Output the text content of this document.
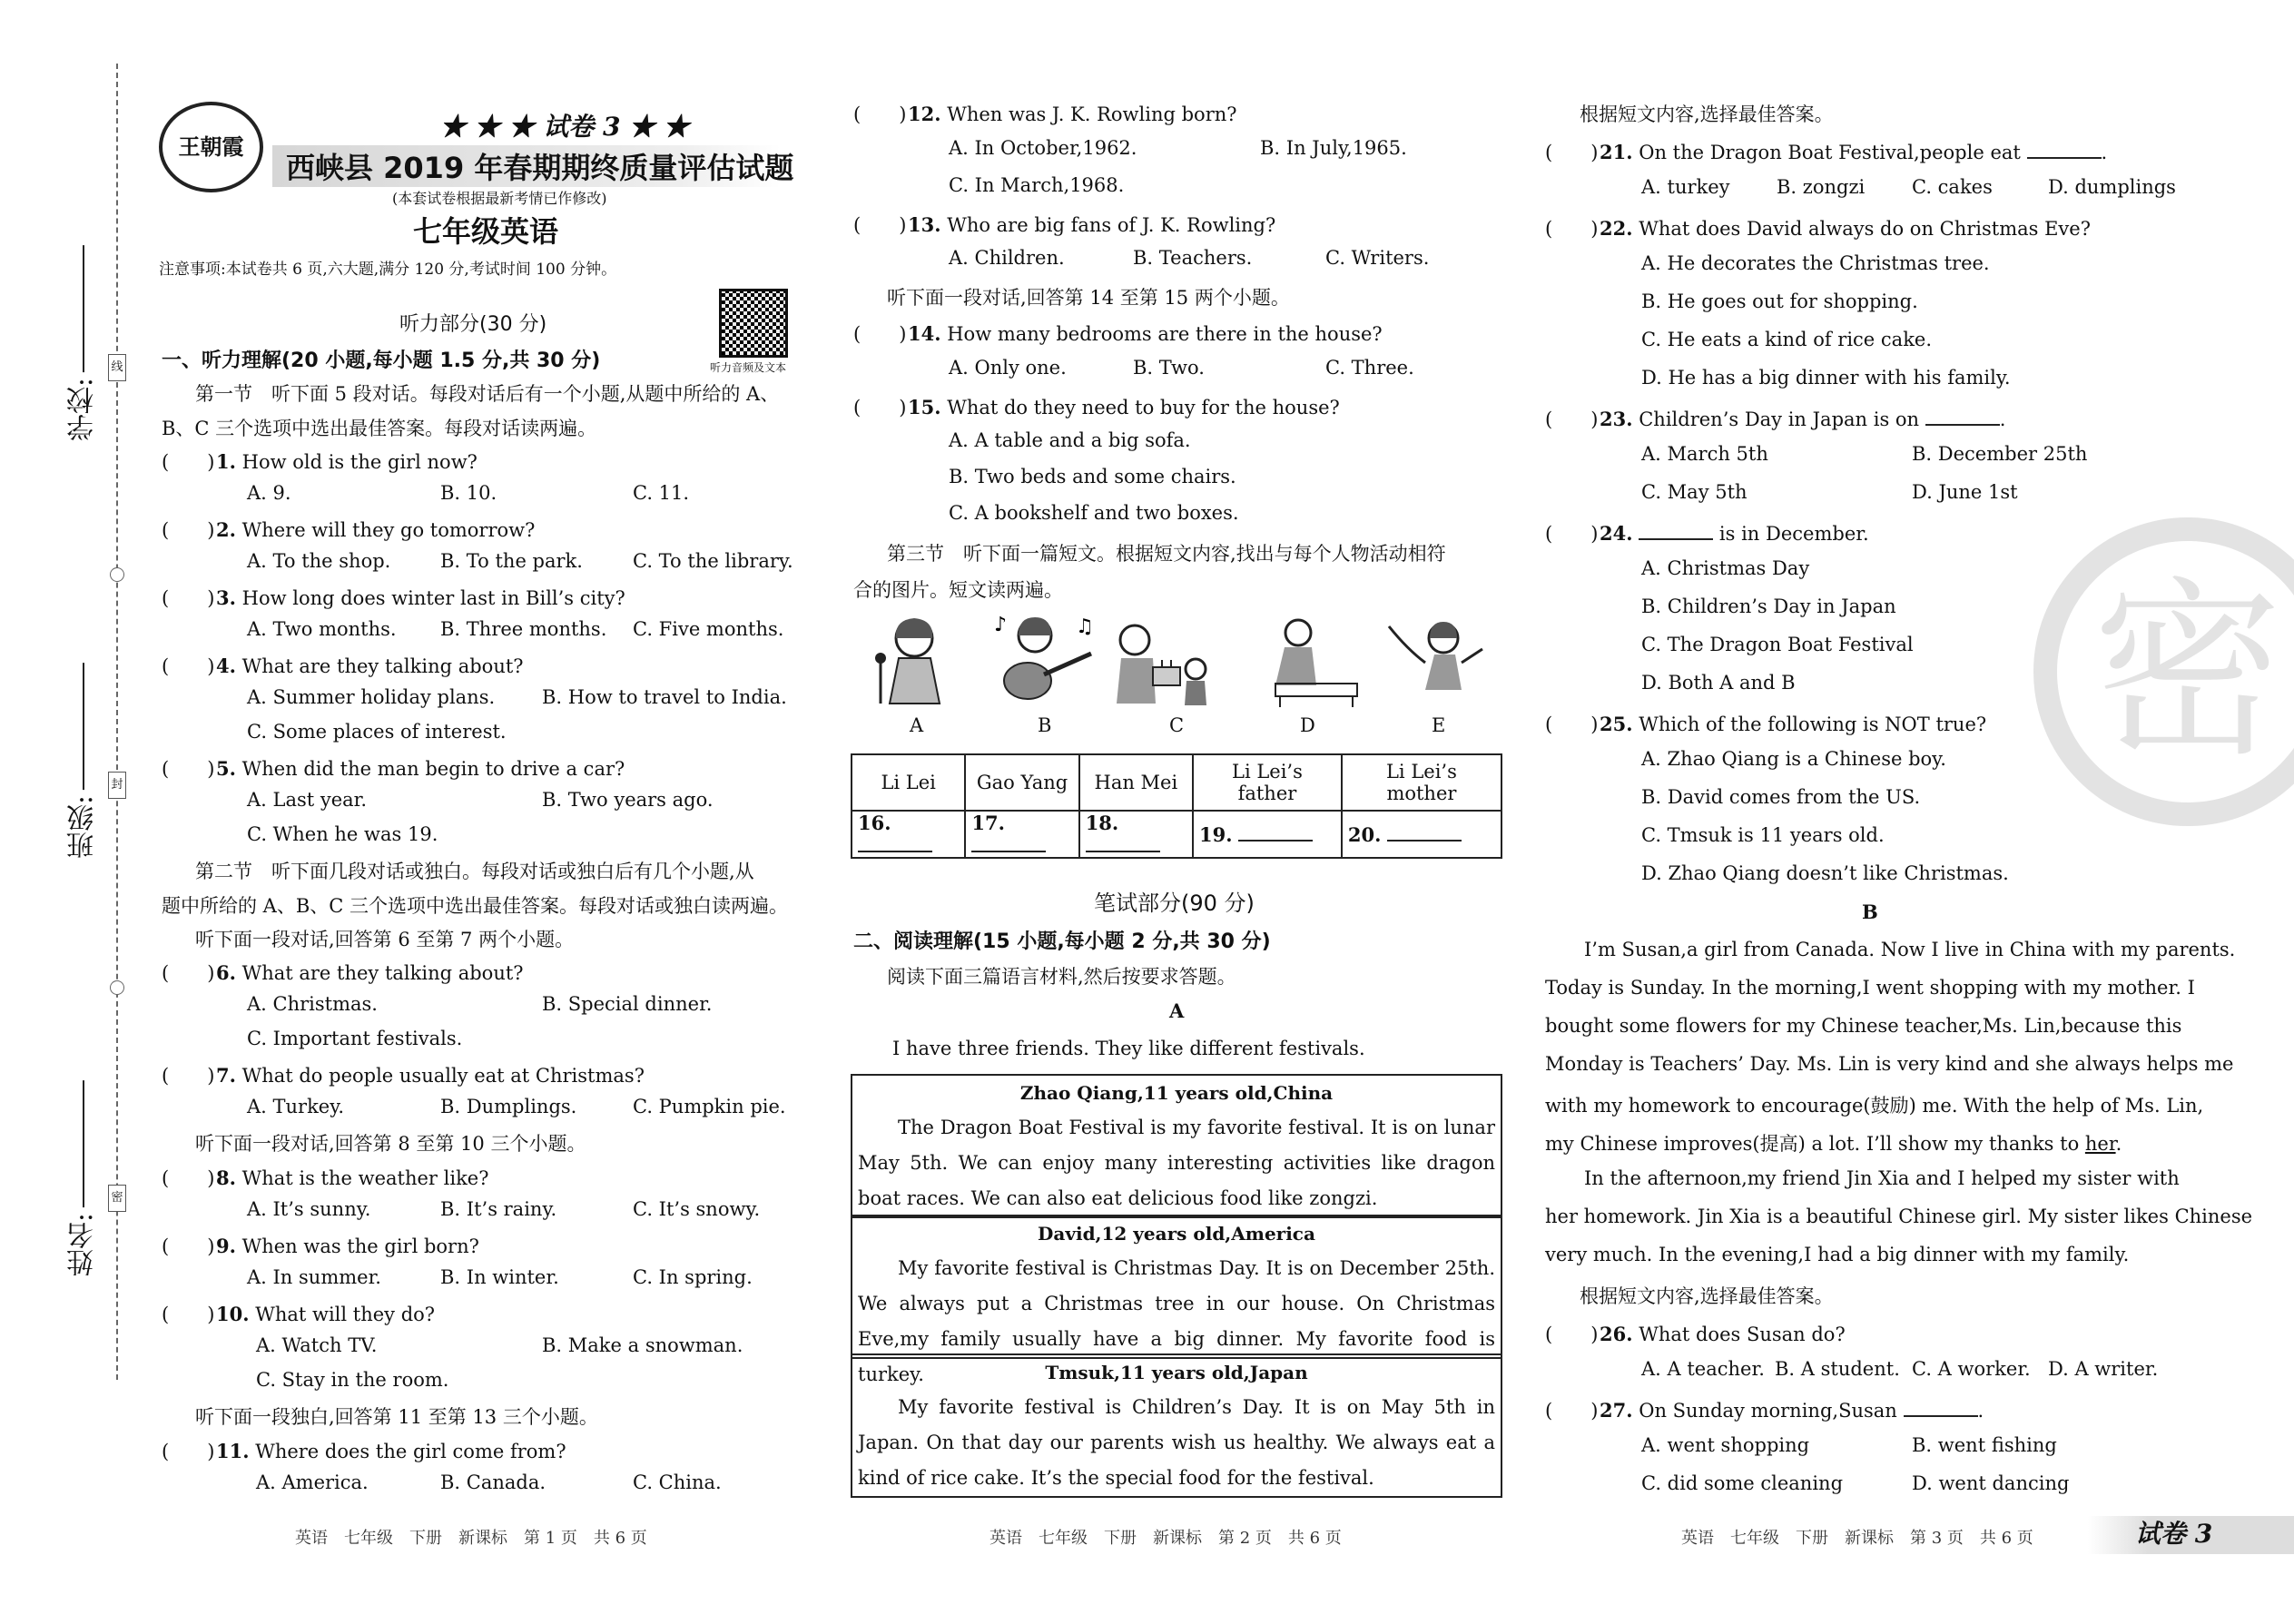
线
封
密
学校:
班级:
姓名:
王朝霞
★ ★ ★ 试卷 3 ★ ★
西峡县 2019 年春期期终质量评估试题
(本套试卷根据最新考情已作修改)
七年级英语
注意事项:本试卷共 6 页,六大题,满分 120 分,考试时间 100 分钟。
听力音频及文本
听力部分(30 分)
一、听力理解(20 小题,每小题 1.5 分,共 30 分)
第一节　听下面 5 段对话。每段对话后有一个小题,从题中所给的 A、
B、C 三个选项中选出最佳答案。每段对话读两遍。
(　　)1. How old is the girl now?
A. 9.	B. 10.	C. 11.
(　　)2. Where will they go tomorrow?
A. To the shop.	B. To the park.	C. To the library.
(　　)3. How long does winter last in Bill’s city?
A. Two months. B. Three months. C. Five months.
(　　)4. What are they talking about?
A. Summer holiday plans. B. How to travel to India.
C. Some places of interest.
(　　)5. When did the man begin to drive a car?
A. Last year.	B. Two years ago.
C. When he was 19.
第二节　听下面几段对话或独白。每段对话或独白后有几个小题,从
题中所给的 A、B、C 三个选项中选出最佳答案。每段对话或独白读两遍。
听下面一段对话,回答第 6 至第 7 两个小题。
(　　)6. What are they talking about?
A. Christmas.	B. Special dinner.
C. Important festivals.
(　　)7. What do people usually eat at Christmas?
A. Turkey.	B. Dumplings.	C. Pumpkin pie.
听下面一段对话,回答第 8 至第 10 三个小题。
(　　)8. What is the weather like?
A. It’s sunny.	B. It’s rainy.	C. It’s snowy.
(　　)9. When was the girl born?
A. In summer.	B. In winter.	C. In spring.
(　　)10. What will they do?
A. Watch TV.	B. Make a snowman.
C. Stay in the room.
听下面一段独白,回答第 11 至第 13 三个小题。
(　　)11. Where does the girl come from?
A. America.	B. Canada.	C. China.
英语　七年级　下册　新课标　第 1 页　共 6 页
(　　)12. When was J. K. Rowling born?
A. In October,1962.	B. In July,1965.
C. In March,1968.
(　　)13. Who are big fans of J. K. Rowling?
A. Children.	B. Teachers.	C. Writers.
听下面一段对话,回答第 14 至第 15 两个小题。
(　　)14. How many bedrooms are there in the house?
A. Only one.	B. Two.	C. Three.
(　　)15. What do they need to buy for the house?
A. A table and a big sofa.
B. Two beds and some chairs.
C. A bookshelf and two boxes.
第三节　听下面一篇短文。根据短文内容,找出与每个人物活动相符
合的图片。短文读两遍。
♪	♫
A	B	C	D	E
Li Lei	Gao Yang	Han Mei	Li Lei’s father	Li Lei’s mother
16.	17.	18.	19.	20.
笔试部分(90 分)
二、阅读理解(15 小题,每小题 2 分,共 30 分)
阅读下面三篇语言材料,然后按要求答题。
A
I have three friends. They like different festivals.
Zhao Qiang,11 years old,China
The Dragon Boat Festival is my favorite festival. It is on lunar May 5th. We can enjoy many interesting activities like dragon boat races. We can also eat delicious food like zongzi.
David,12 years old,America
My favorite festival is Christmas Day. It is on December 25th. We always put a Christmas tree in our house. On Christmas Eve,my family usually have a big dinner. My favorite food is turkey.	Tmsuk,11 years old,Japan
My favorite festival is Children’s Day. It is on May 5th in Japan. On that day our parents wish us healthy. We always eat a kind of rice cake. It’s the special food for the festival.
英语　七年级　下册　新课标　第 2 页　共 6 页
密
根据短文内容,选择最佳答案。
(　　)21. On the Dragon Boat Festival,people eat	.
A. turkey B. zongzi C. cakes	D. dumplings
(　　)22. What does David always do on Christmas Eve?
A. He decorates the Christmas tree.
B. He goes out for shopping.
C. He eats a kind of rice cake.
D. He has a big dinner with his family.
(　　)23. Children’s Day in Japan is on	.
A. March 5th	B. December 25th
C. May 5th	D. June 1st
(　　)24.	is in December.
A. Christmas Day
B. Children’s Day in Japan
C. The Dragon Boat Festival
D. Both A and B
(　　)25. Which of the following is NOT true?
A. Zhao Qiang is a Chinese boy.
B. David comes from the US.
C. Tmsuk is 11 years old.
D. Zhao Qiang doesn’t like Christmas.
B
I’m Susan,a girl from Canada. Now I live in China with my parents.
Today is Sunday. In the morning,I went shopping with my mother. I
bought some flowers for my Chinese teacher,Ms. Lin,because this
Monday is Teachers’ Day. Ms. Lin is very kind and she always helps me
with my homework to encourage(鼓励) me. With the help of Ms. Lin,
my Chinese improves(提高) a lot. I’ll show my thanks to her.
In the afternoon,my friend Jin Xia and I helped my sister with
her homework. Jin Xia is a beautiful Chinese girl. My sister likes Chinese
very much. In the evening,I had a big dinner with my family.
根据短文内容,选择最佳答案。
(　　)26. What does Susan do?
A. A teacher. B. A student. C. A worker. D. A writer.
(　　)27. On Sunday morning,Susan	.
A. went shopping	B. went fishing
C. did some cleaning	D. went dancing
英语　七年级　下册　新课标　第 3 页　共 6 页	试卷 3
